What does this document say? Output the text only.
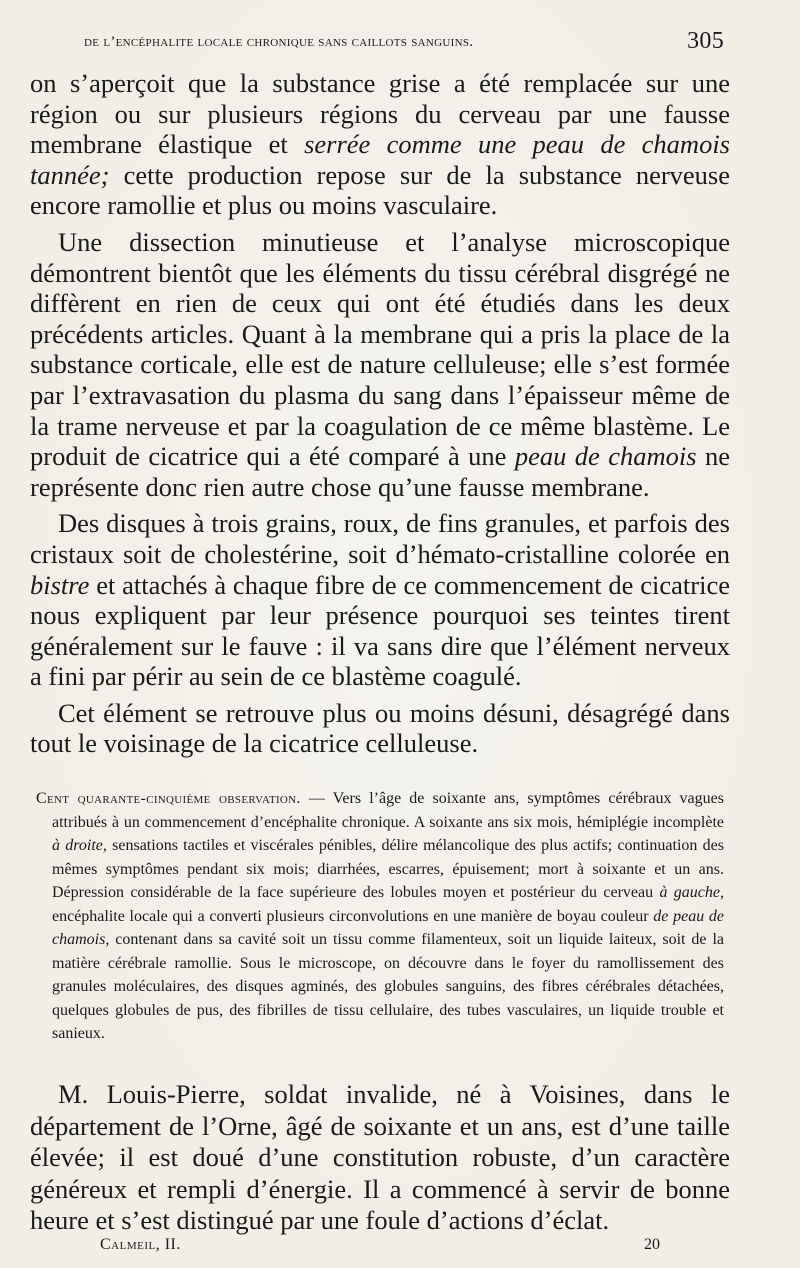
de l’encéphalite locale chronique sans caillots sanguins.	305

on s’aperçoit que la substance grise a été remplacée sur une région ou sur plusieurs régions du cerveau par une fausse membrane élastique et serrée comme une peau de chamois tannée; cette production repose sur de la substance nerveuse encore ramollie et plus ou moins vasculaire.

Une dissection minutieuse et l’analyse microscopique démontrent bientôt que les éléments du tissu cérébral disgrégé ne diffèrent en rien de ceux qui ont été étudiés dans les deux précédents articles. Quant à la membrane qui a pris la place de la substance corticale, elle est de nature celluleuse; elle s’est formée par l’extravasation du plasma du sang dans l’épaisseur même de la trame nerveuse et par la coagulation de ce même blastème. Le produit de cicatrice qui a été comparé à une peau de chamois ne représente donc rien autre chose qu’une fausse membrane.

Des disques à trois grains, roux, de fins granules, et parfois des cristaux soit de cholestérine, soit d’hémato-cristalline colorée en bistre et attachés à chaque fibre de ce commencement de cicatrice nous expliquent par leur présence pourquoi ses teintes tirent généralement sur le fauve : il va sans dire que l’élément nerveux a fini par périr au sein de ce blastème coagulé.

Cet élément se retrouve plus ou moins désuni, désagrégé dans tout le voisinage de la cicatrice celluleuse.

Cent quarante-cinquième observation. — Vers l’âge de soixante ans, symptômes cérébraux vagues attribués à un commencement d’encéphalite chronique. A soixante ans six mois, hémiplégie incomplète à droite, sensations tactiles et viscérales pénibles, délire mélancolique des plus actifs; continuation des mêmes symptômes pendant six mois; diarrhées, escarres, épuisement; mort à soixante et un ans. Dépression considérable de la face supérieure des lobules moyen et postérieur du cerveau à gauche, encéphalite locale qui a converti plusieurs circonvolutions en une manière de boyau couleur de peau de chamois, contenant dans sa cavité soit un tissu comme filamenteux, soit un liquide laiteux, soit de la matière cérébrale ramollie. Sous le microscope, on découvre dans le foyer du ramollissement des granules moléculaires, des disques agminés, des globules sanguins, des fibres cérébrales détachées, quelques globules de pus, des fibrilles de tissu cellulaire, des tubes vasculaires, un liquide trouble et sanieux.

M. Louis-Pierre, soldat invalide, né à Voisines, dans le département de l’Orne, âgé de soixante et un ans, est d’une taille élevée; il est doué d’une constitution robuste, d’un caractère généreux et rempli d’énergie. Il a commencé à servir de bonne heure et s’est distingué par une foule d’actions d’éclat.

Calmeil, II.	20
